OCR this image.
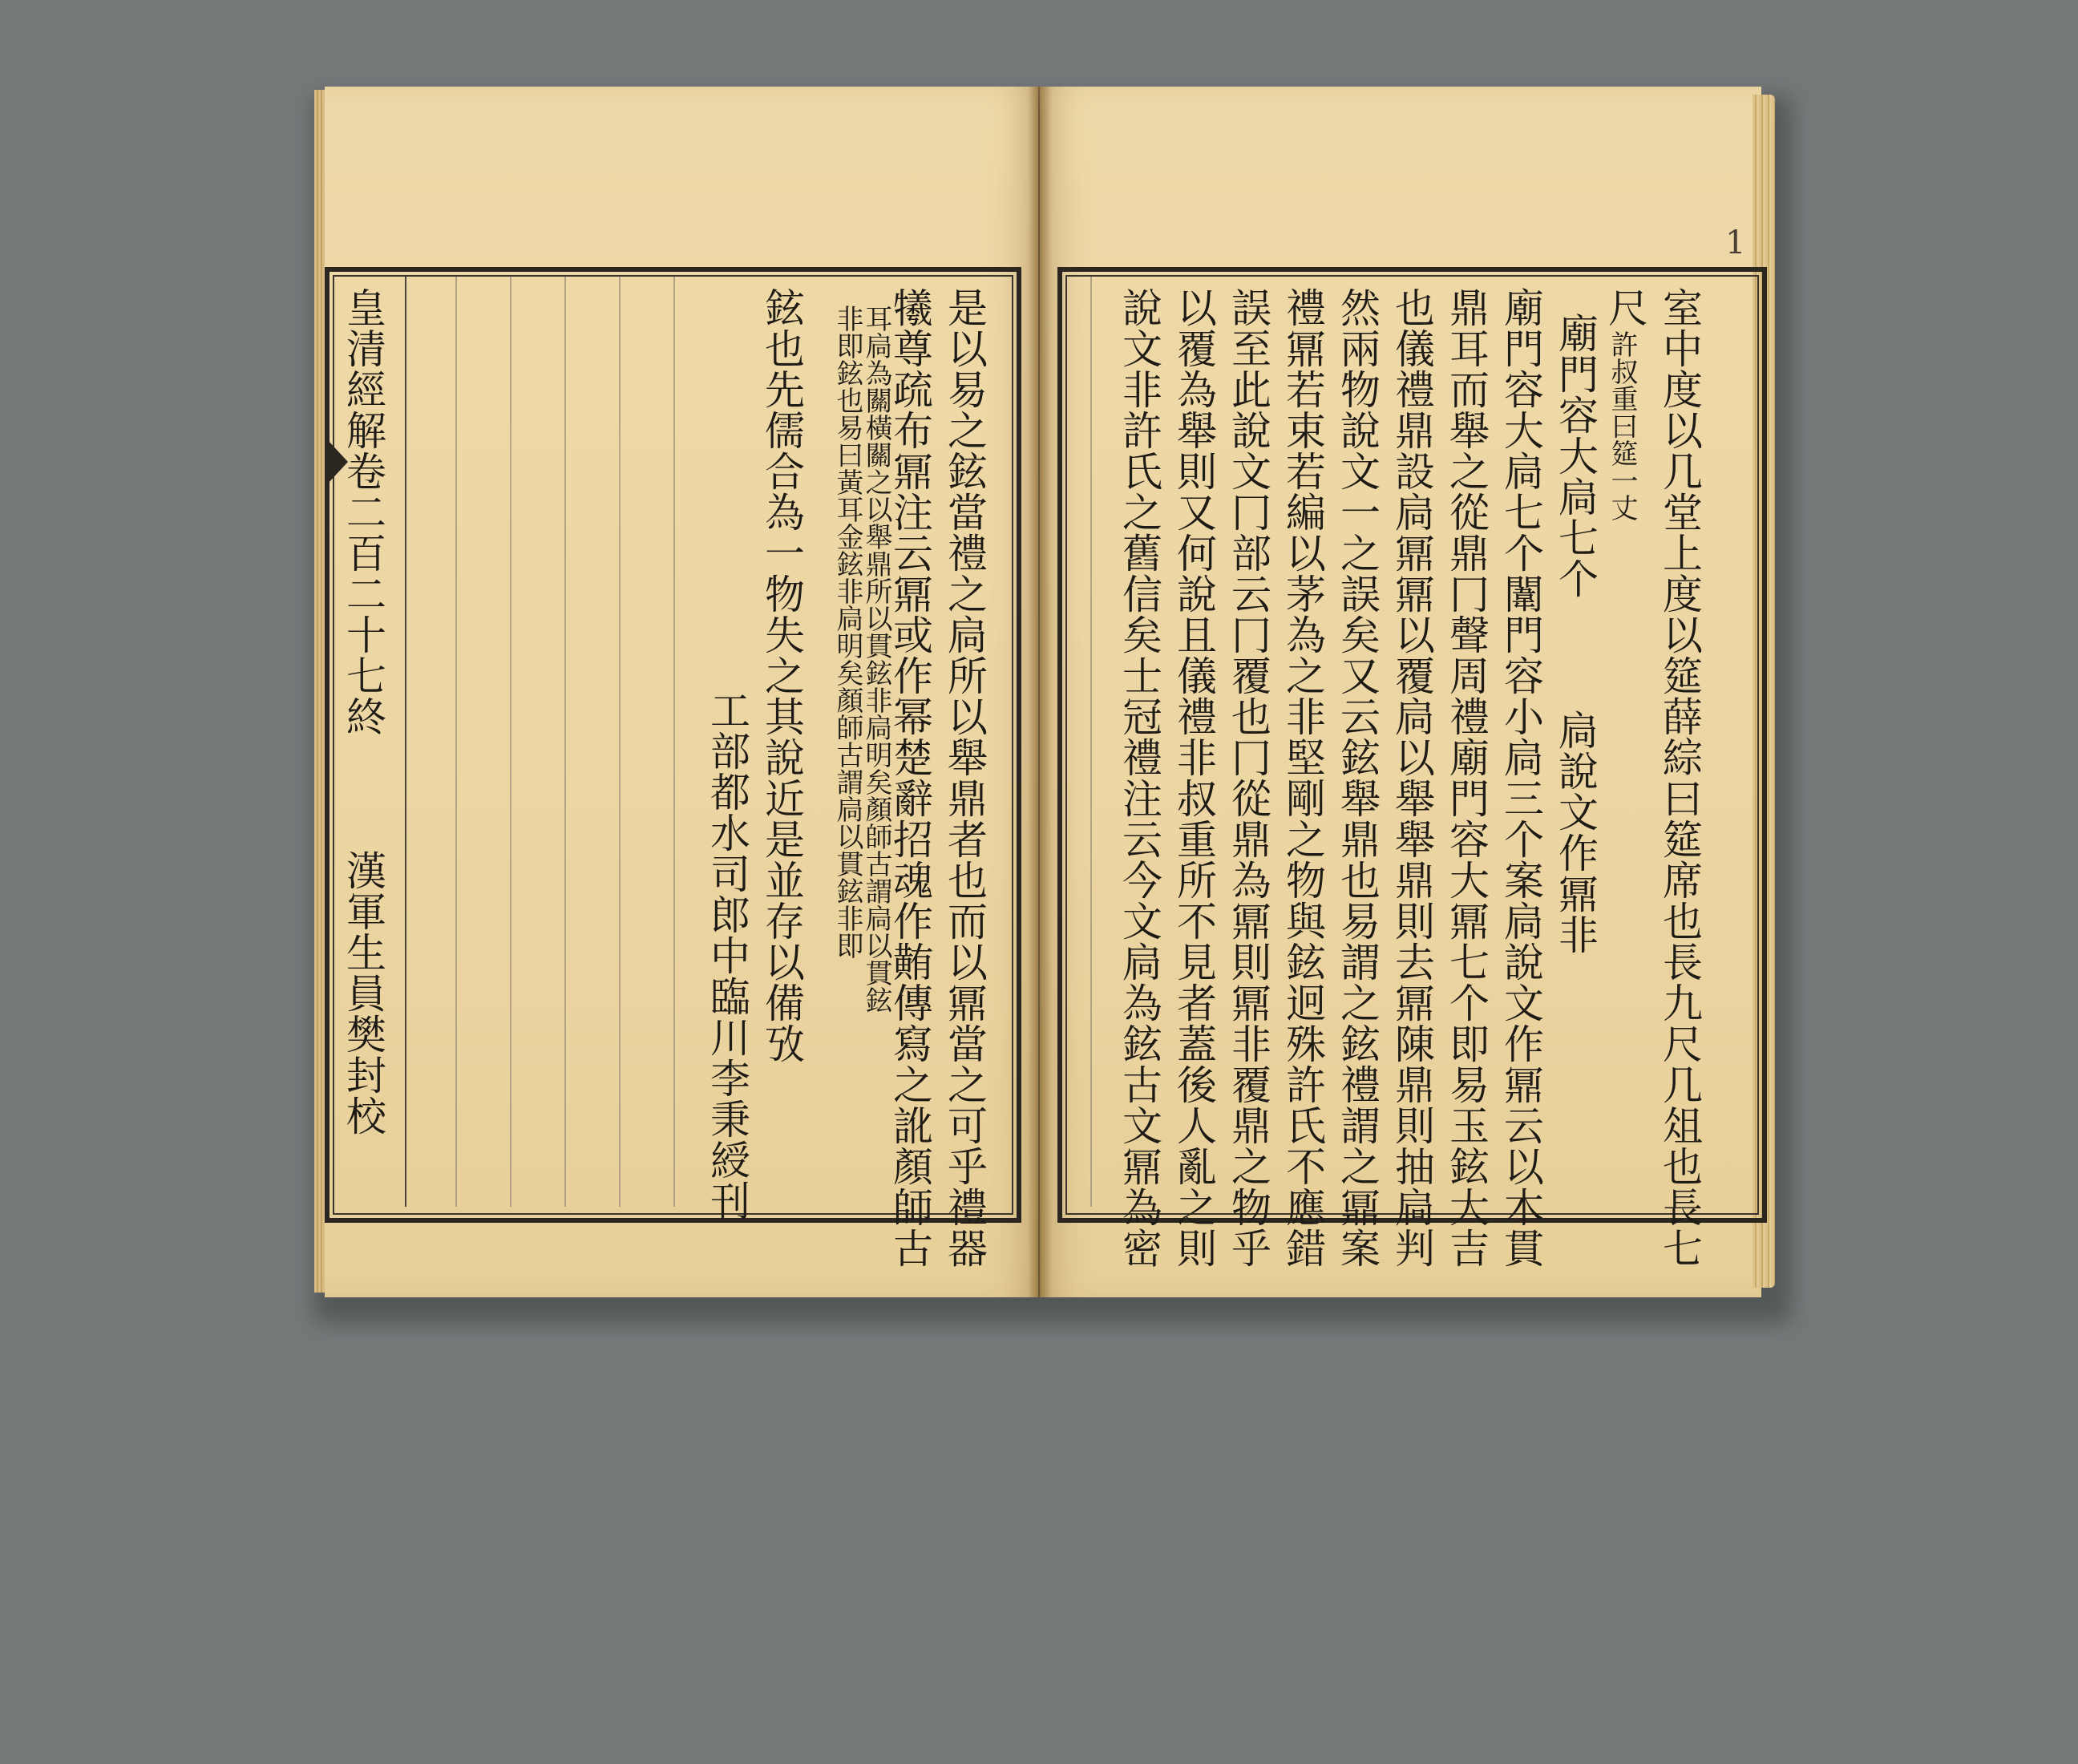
是以易之鉉當禮之扃所以舉鼎者也而以鼏當之可乎禮器
犧尊疏布鼏注云鼏或作幂楚辭招魂作䵋傳寫之訛顏師古
耳扃為關橫關之以舉鼎所以貫鉉非扃明矣顏師古謂扃以貫鉉
非即鉉也易曰黃耳金鉉非扃明矣顏師古謂扃以貫鉉非即
鉉也先儒合為一物失之其說近是並存以備攷
工部都水司郎中臨川李秉綬刊
皇清經解卷二百二十七終
漢軍生員樊封校
1
室中度以几堂上度以筵薛綜曰筵席也長九尺几俎也長七
尺
許叔重曰筵一丈
廟門容大扃七个
扃說文作鼏非
廟門容大扃七个闈門容小扃三个案扃說文作鼏云以木貫
鼎耳而舉之從鼎冂聲周禮廟門容大鼏七个即易玉鉉大吉
也儀禮鼎設扃鼏鼏以覆扃以舉舉鼎則去鼏陳鼎則抽扃判
然兩物說文一之誤矣又云鉉舉鼎也易謂之鉉禮謂之鼏案
禮鼏若束若編以茅為之非堅剛之物與鉉迥殊許氏不應錯
誤至此說文冂部云冂覆也冂從鼎為鼏則鼏非覆鼎之物乎
以覆為舉則又何說且儀禮非叔重所不見者蓋後人亂之則
說文非許氏之舊信矣士冠禮注云今文扃為鉉古文鼏為密
